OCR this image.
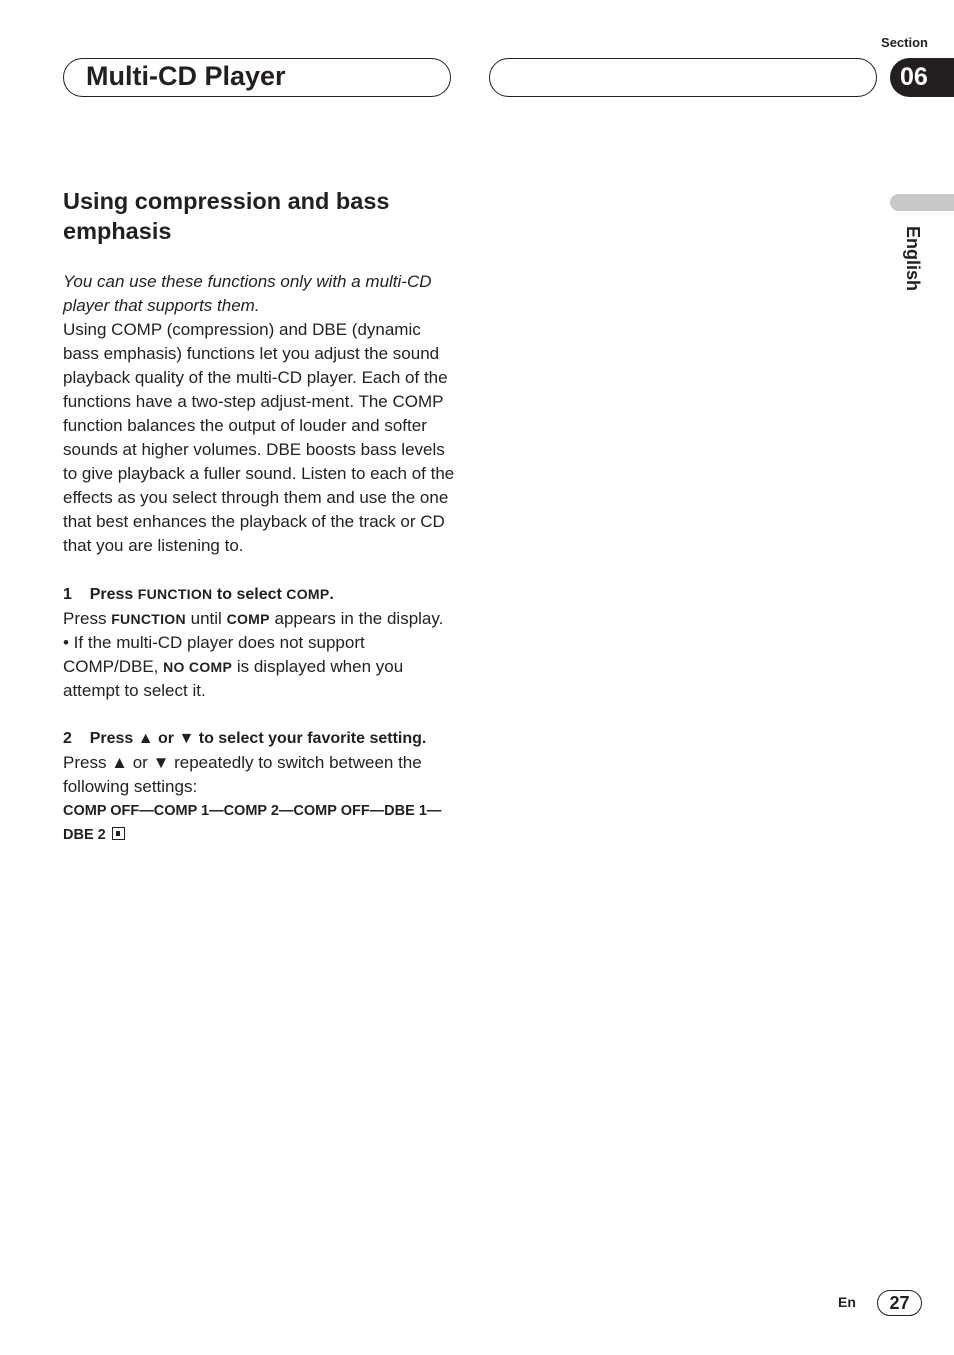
Multi-CD Player
Section
06
English
Using compression and bass emphasis

You can use these functions only with a multi-CD player that supports them.

Using COMP (compression) and DBE (dynamic bass emphasis) functions let you adjust the sound playback quality of the multi-CD player. Each of the functions have a two-step adjust-ment. The COMP function balances the output of louder and softer sounds at higher volumes. DBE boosts bass levels to give playback a fuller sound. Listen to each of the effects as you select through them and use the one that best enhances the playback of the track or CD that you are listening to.

1 Press FUNCTION to select COMP.

Press FUNCTION until COMP appears in the display.

• If the multi-CD player does not support COMP/DBE, NO COMP is displayed when you attempt to select it.

2 Press ▲ or ▼ to select your favorite setting.

Press ▲ or ▼ repeatedly to switch between the following settings:

COMP OFF—COMP 1—COMP 2—COMP OFF—DBE 1—DBE 2

En	27
